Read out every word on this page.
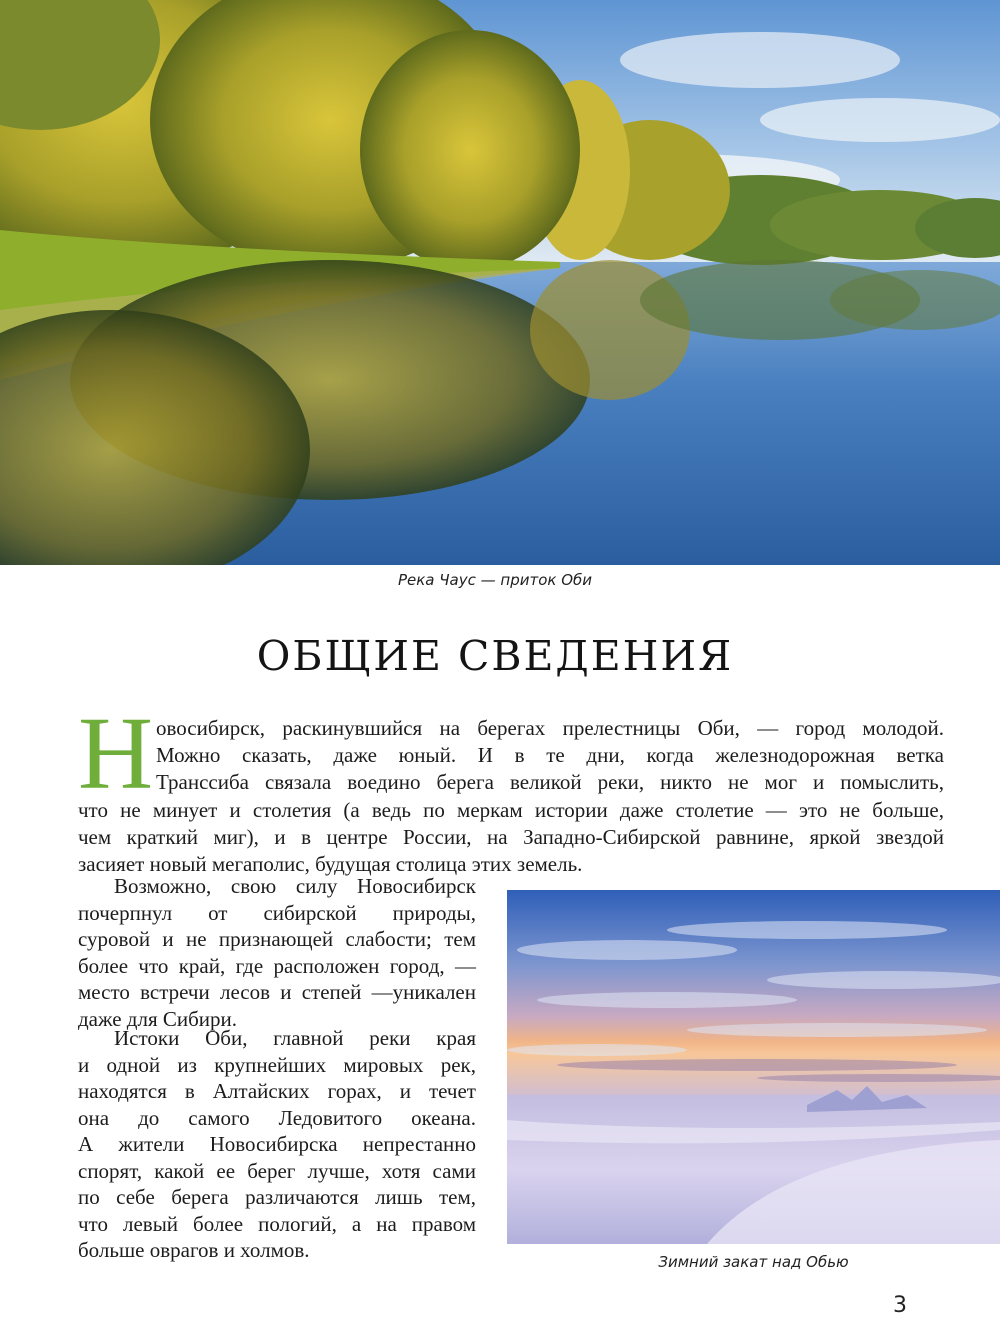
Река Чаус — приток Оби
ОБЩИЕ СВЕДЕНИЯ
Н овосибирск, раскинувшийся на берегах прелестницы Оби, — город молодой.
Можно сказать, даже юный. И в те дни, когда железнодорожная ветка
Транссиба связала воедино берега великой реки, никто не мог и помыслить,
что не минует и столетия (а ведь по меркам истории даже столетие — это не больше,
чем краткий миг), и в центре России, на Западно-Сибирской равнине, яркой звездой
засияет новый мегаполис, будущая столица этих земель.

Возможно, свою силу Новосибирск
почерпнул от сибирской природы,
суровой и не признающей слабости; тем
более что край, где расположен город, —
место встречи лесов и степей —уникален
даже для Сибири.

Истоки Оби, главной реки края
и одной из крупнейших мировых рек,
находятся в Алтайских горах, и течет
она до самого Ледовитого океана.
А жители Новосибирска непрестанно
спорят, какой ее берег лучше, хотя сами
по себе берега различаются лишь тем,
что левый более пологий, а на правом
больше оврагов и холмов.	Зимний закат над Обью
3
